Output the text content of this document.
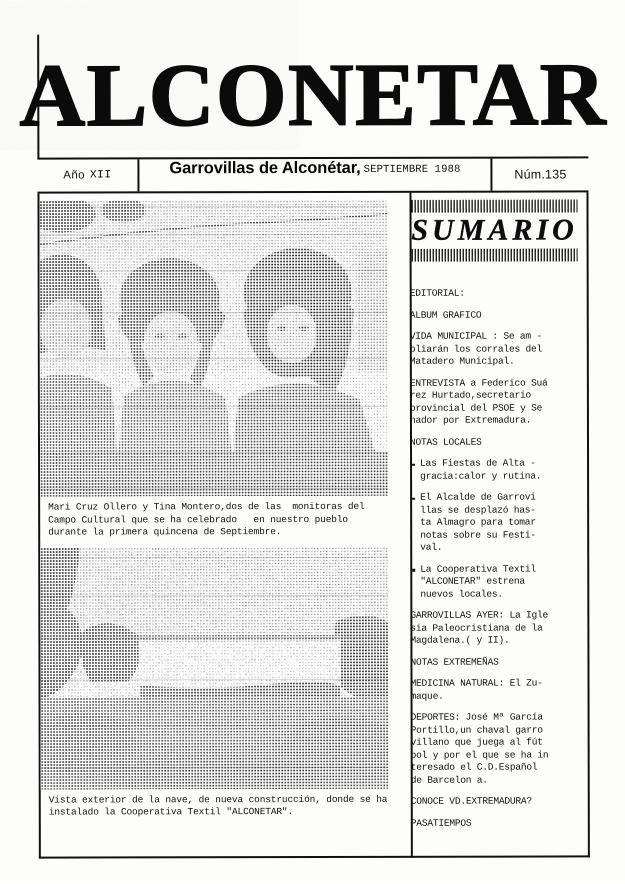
ALCONETAR
Año XII	Garrovillas de Alconétar, SEPTIEMBRE 1988	Núm.135
Mari Cruz Ollero y Tina Montero,dos de las  monitoras del Campo Cultural que se ha celebrado   en nuestro pueblo durante la primera quincena de Septiembre.
Vista exterior de la nave, de nueva construcción, donde se ha instalado la Cooperativa Textil "ALCONETAR".
SUMARIO
EDITORIAL:
ALBUM GRAFICO
VIDA MUNICIPAL : Se am -
pliarán los corrales del
Matadero Municipal.
ENTREVISTA a Federico Suá
rez Hurtado,secretario
provincial del PSOE y Se
nador por Extremadura.
NOTAS LOCALES
Las Fiestas de Alta -
gracia:calor y rutina.
El Alcalde de Garrovi
llas se desplazó has-
ta Almagro para tomar
notas sobre su Festi-
val.
La Cooperativa Textil
"ALCONETAR" estrena
nuevos locales.
GARROVILLAS AYER: La Igle
sia Paleocristiana de la
Magdalena.( y II).
NOTAS EXTREMEÑAS
MEDICINA NATURAL: El Zu-
maque.
DEPORTES: José Mª García
Portillo,un chaval garro
villano que juega al fút
bol y por el que se ha in
teresado el C.D.Español
de Barcelon a.
CONOCE VD.EXTREMADURA?
PASATIEMPOS
